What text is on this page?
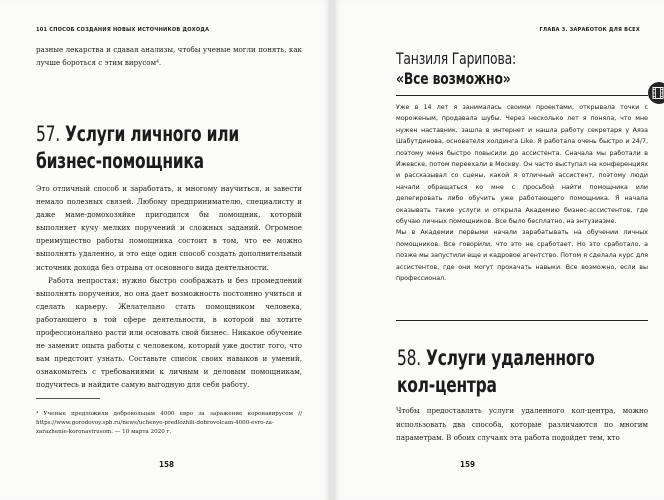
101 СПОСОБ СОЗДАНИЯ НОВЫХ ИСТОЧНИКОВ ДОХОДА

разные лекарства и сдавая анализы, чтобы ученые могли понять, как лучше бороться с этим вирусом⁴.

57. Услуги личного или
бизнес-помощника

Это отличный способ и заработать, и многому научиться, и завести немало полезных связей. Любому предпринимателю, специалисту и даже маме-домохозяйке пригодился бы помощник, который выполняет кучу мелких поручений и сложных заданий. Огромное преимущество работы помощника состоит в том, что ее можно выполнять удаленно, и это еще один способ создать дополнительный источник дохода без отрыва от основного вида деятельности.

Работа непростая: нужно быстро соображать и без промедлений выполнять поручения, но она дает возможность постоянно учиться и сделать карьеру. Желательно стать помощником человека, работающего в той сфере деятельности, в которой вы хотите профессионально расти или основать свой бизнес. Никакое обучение не заменит опыта работы с человеком, который уже достиг того, что вам предстоит узнать. Составьте список своих навыков и умений, ознакомьтесь с требованиями к личным и деловым помощникам, подучитесь и найдите самую выгодную для себя работу.

⁴ Ученые предложили добровольцам 4000 евро за заражение коронавирусом // https://www.gorodovoy.spb.ru/news/uchenye-predlozhili-dobrovolcam-4000-evro-za-zarazhenie-koronavirusom. — 10 марта 2020 г.
158
ГЛАВА 3. ЗАРАБОТОК ДЛЯ ВСЕХ
159
Танзиля Гарипова:
«Все возможно»

Уже в 14 лет я занималась своими проектами, открывала точки с мороженым, продавала шубы. Через несколько лет я поняла, что мне нужен наставник, зашла в интернет и нашла работу секретаря у Аяза Шабутдинова, основателя холдинга Like. Я работала очень быстро и 24/7, поэтому меня быстро повысили до ассистента. Сначала мы работали в Ижевске, потом переехали в Москву. Он часто выступал на конференциях и рассказывал со сцены, какой я отличный ассистент, поэтому люди начали обращаться ко мне с просьбой найти помощника или делегировать либо обучить уже работающего помощника. Я начала оказывать такие услуги и открыла Академию бизнес-ассистентов, где обучаю личных помощников. Все было бесплатно, на энтузиазме.

Мы в Академии первыми начали зарабатывать на обучении личных помощников. Все говорили, что это не сработает. Но это сработало, а позже мы запустили еще и кадровое агентство. Потом я сделала курс для ассистентов, где они могут прокачать навыки. Все возможно, если вы профессионал.

58. Услуги удаленного
кол-центра

Чтобы предоставлять услуги удаленного кол-центра, можно использовать два способа, которые различаются по многим параметрам. В обоих случаях эта работа подойдет тем, кто
